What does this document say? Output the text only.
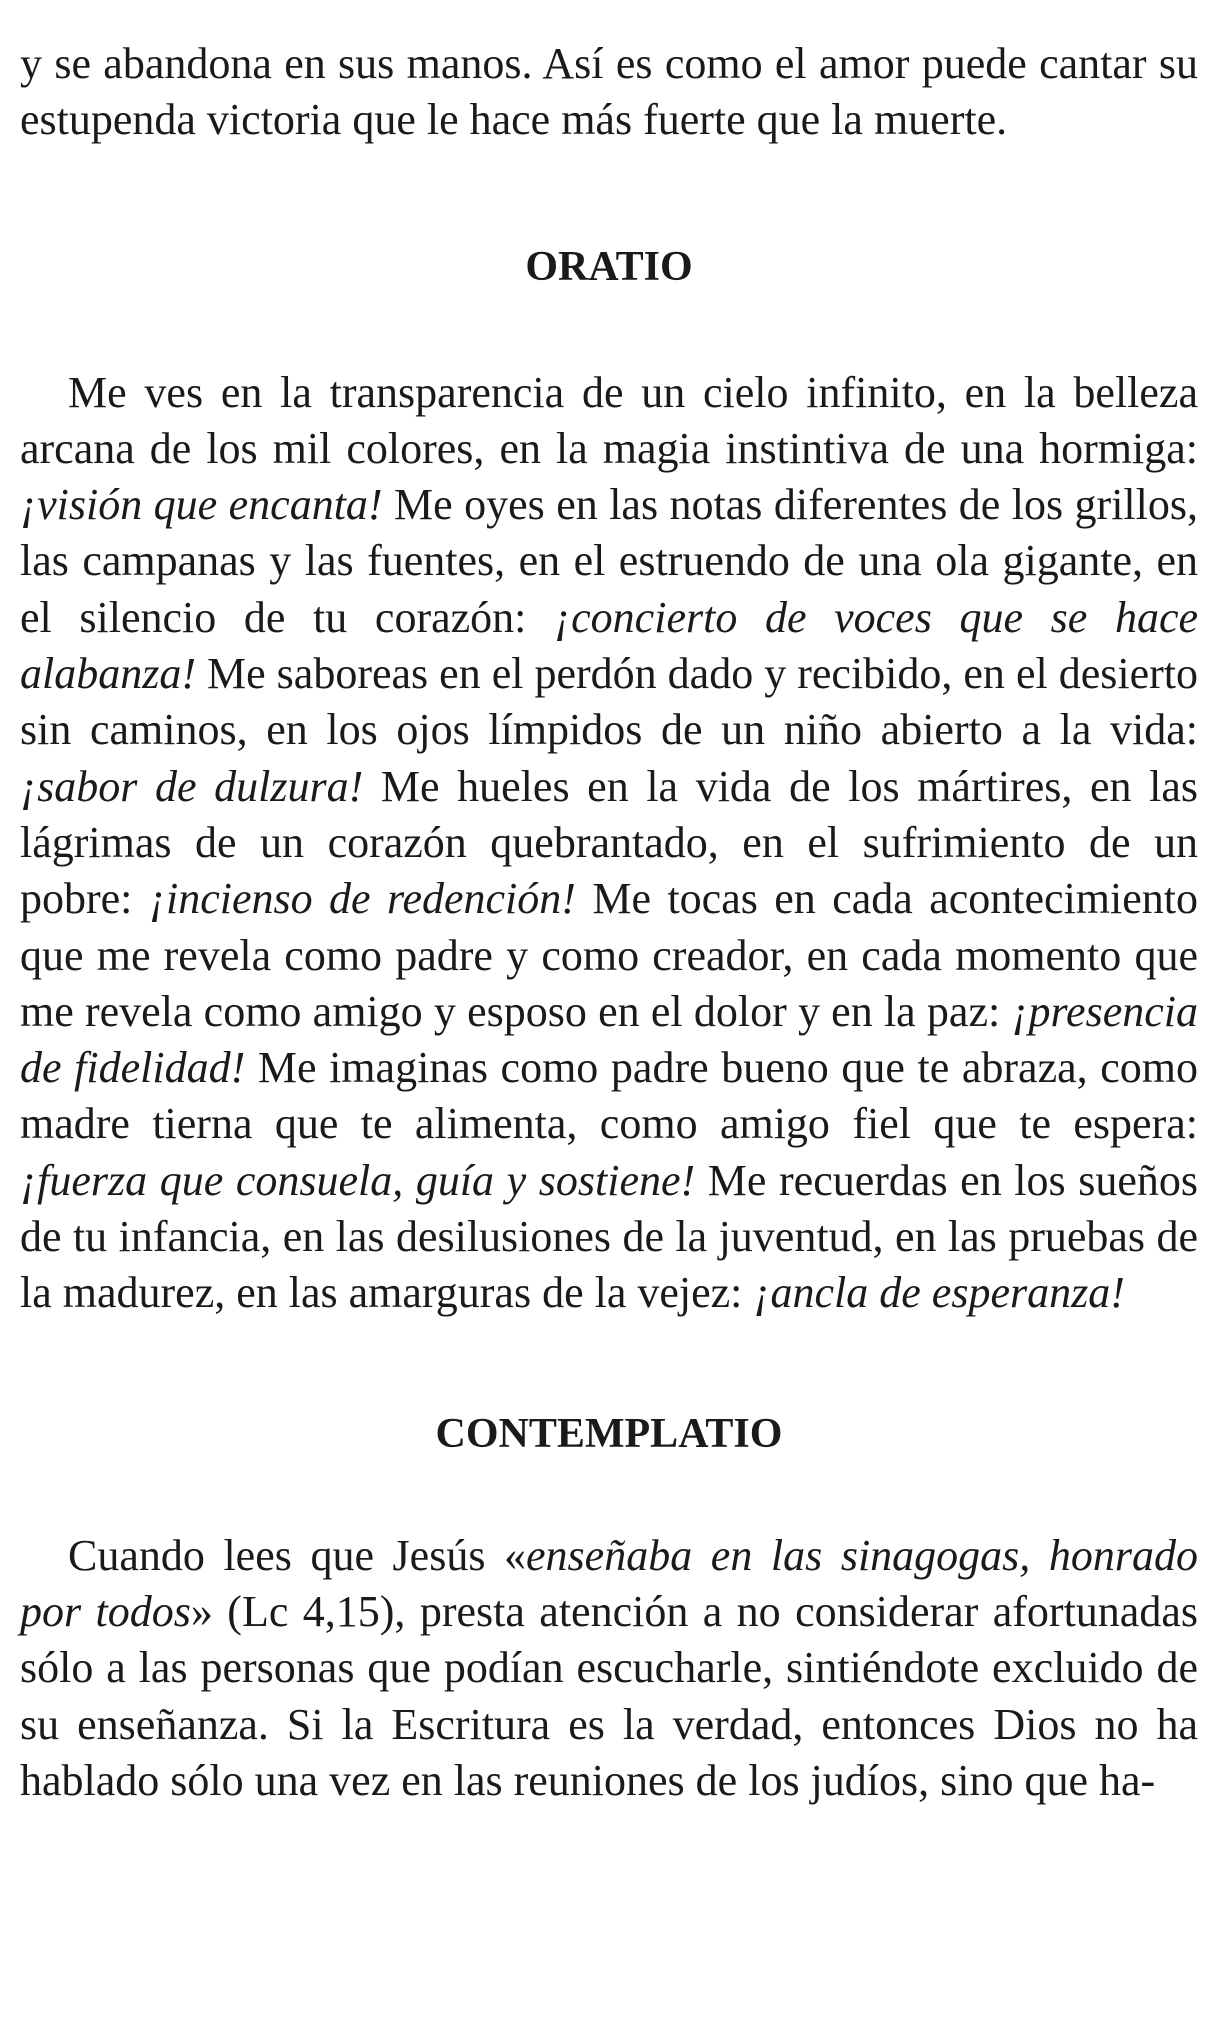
y se abandona en sus manos. Así es como el amor puede cantar su estupenda victoria que le hace más fuerte que la muerte.

ORATIO

Me ves en la transparencia de un cielo infinito, en la belleza arcana de los mil colores, en la magia instintiva de una hormiga: ¡visión que encanta! Me oyes en las notas diferentes de los grillos, las campanas y las fuentes, en el estruendo de una ola gigante, en el silencio de tu corazón: ¡concierto de voces que se hace alabanza! Me saboreas en el perdón dado y recibido, en el desierto sin caminos, en los ojos límpidos de un niño abierto a la vida: ¡sabor de dulzura! Me hueles en la vida de los mártires, en las lágrimas de un corazón quebrantado, en el sufrimiento de un pobre: ¡incienso de redención! Me tocas en cada acontecimiento que me revela como padre y como creador, en cada momento que me revela como amigo y esposo en el dolor y en la paz: ¡presencia de fidelidad! Me imaginas como padre bueno que te abraza, como madre tierna que te alimenta, como amigo fiel que te espera: ¡fuerza que consuela, guía y sostiene! Me recuerdas en los sueños de tu infancia, en las desilusiones de la juventud, en las pruebas de la madurez, en las amarguras de la vejez: ¡ancla de esperanza!

CONTEMPLATIO

Cuando lees que Jesús «enseñaba en las sinagogas, honrado por todos» (Lc 4,15), presta atención a no considerar afortunadas sólo a las personas que podían escucharle, sintiéndote excluido de su enseñanza. Si la Escritura es la verdad, entonces Dios no ha hablado sólo una vez en las reuniones de los judíos, sino que ha-
